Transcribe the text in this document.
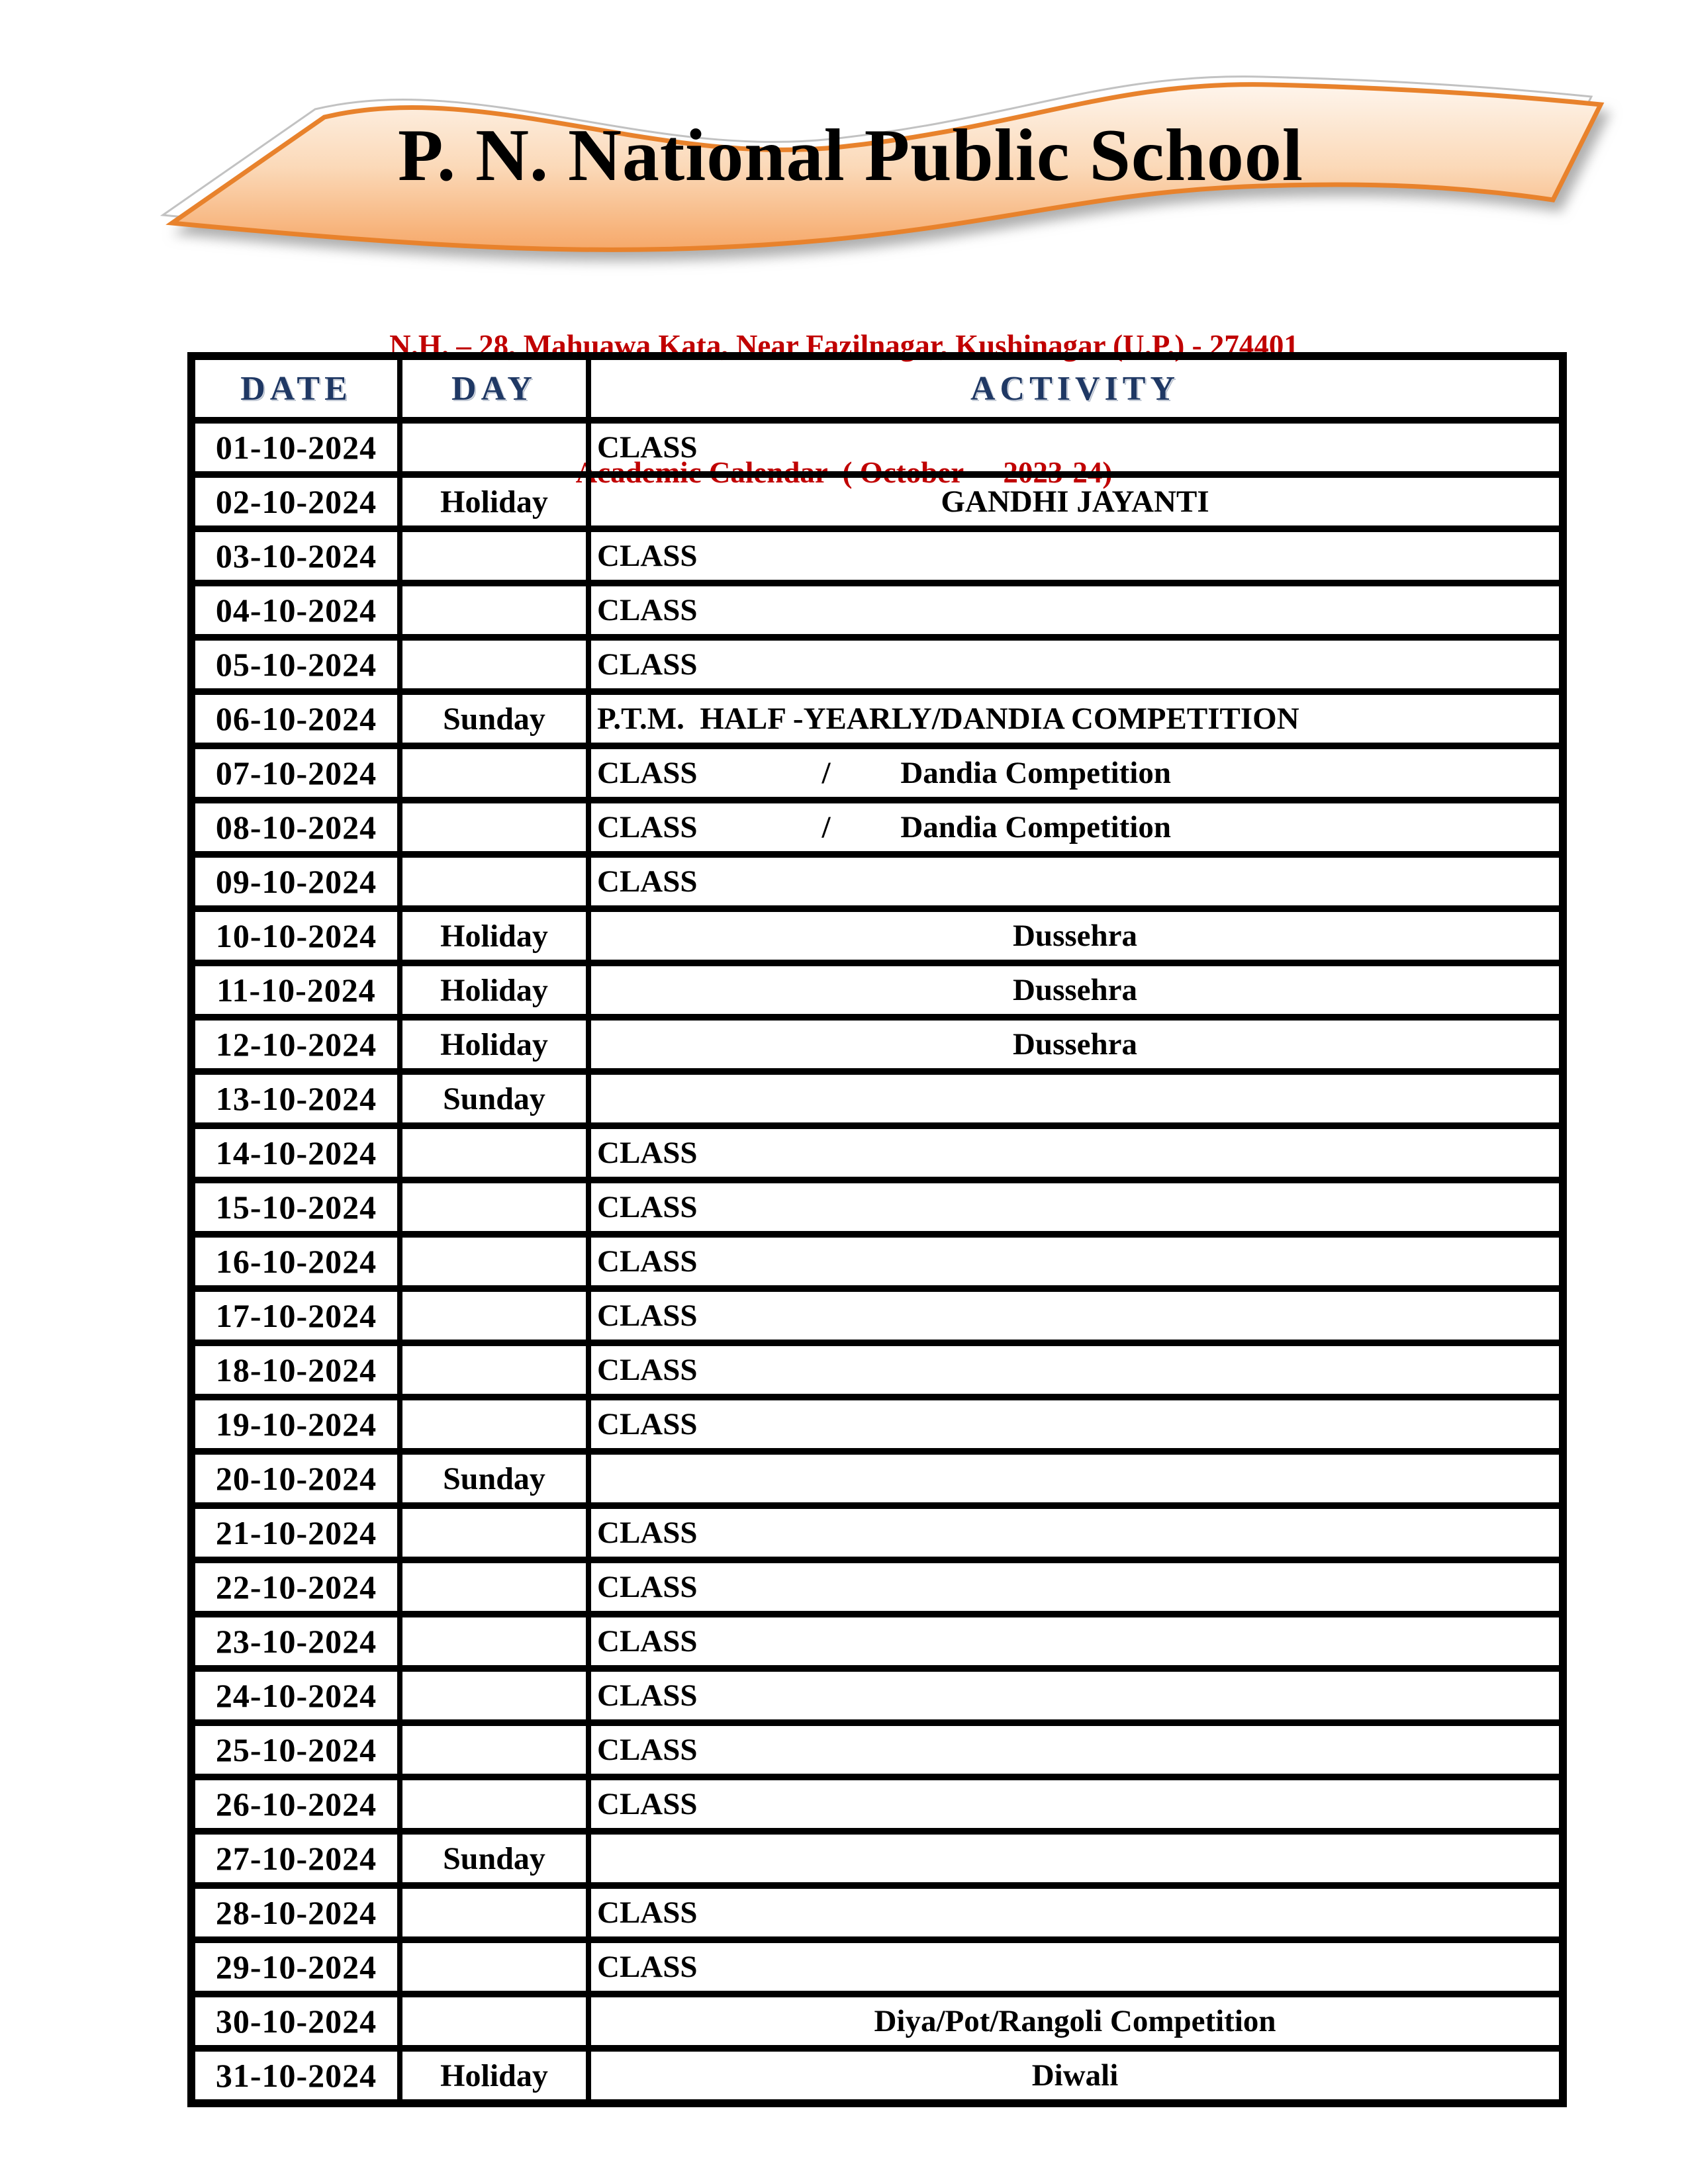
P. N. National Public School

N.H. – 28, Mahuawa Kata, Near Fazilnagar, Kushinagar (U.P.) - 274401

Academic Calendar  ( October  -  2023-24)

DATE	DAY	ACTIVITY
01-10-2024		CLASS
02-10-2024	Holiday	GANDHI JAYANTI
03-10-2024		CLASS
04-10-2024		CLASS
05-10-2024		CLASS
06-10-2024	Sunday	P.T.M.  HALF -YEARLY/DANDIA COMPETITION
07-10-2024		CLASS                /         Dandia Competition
08-10-2024		CLASS                /         Dandia Competition
09-10-2024		CLASS
10-10-2024	Holiday	Dussehra
11-10-2024	Holiday	Dussehra
12-10-2024	Holiday	Dussehra
13-10-2024	Sunday	
14-10-2024		CLASS
15-10-2024		CLASS
16-10-2024		CLASS
17-10-2024		CLASS
18-10-2024		CLASS
19-10-2024		CLASS
20-10-2024	Sunday	
21-10-2024		CLASS
22-10-2024		CLASS
23-10-2024		CLASS
24-10-2024		CLASS
25-10-2024		CLASS
26-10-2024		CLASS
27-10-2024	Sunday	
28-10-2024		CLASS
29-10-2024		CLASS
30-10-2024		Diya/Pot/Rangoli Competition
31-10-2024	Holiday	Diwali
